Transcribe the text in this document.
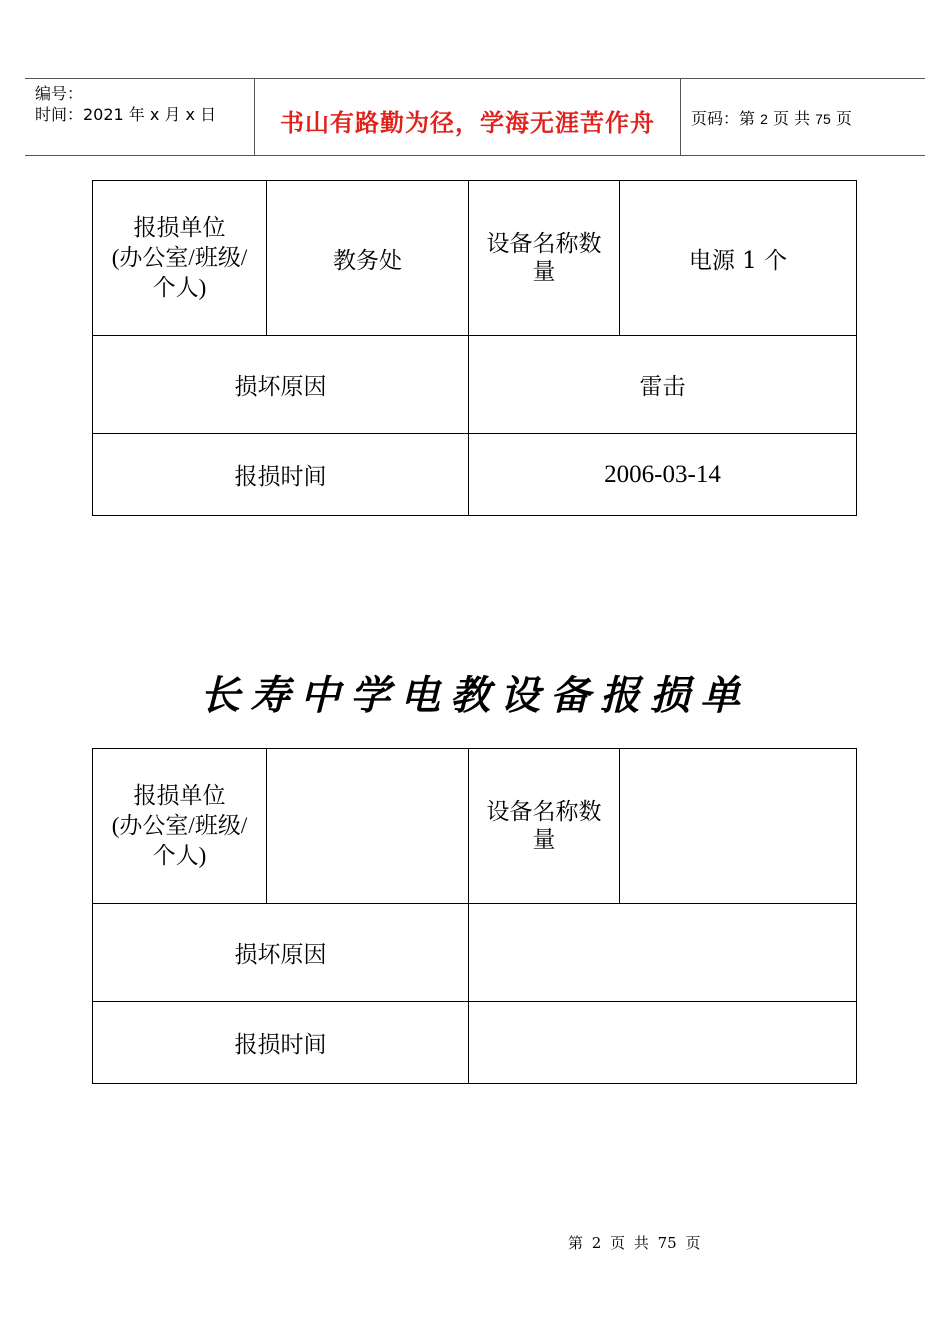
编号：
时间：2021 年 x 月 x 日	书山有路勤为径，学海无涯苦作舟	页码：第 2 页 共 75 页
报损单位
(办公室/班级/
个人)	教务处	设备名称数
量	电源 1 个
损坏原因		雷击	
报损时间		2006-03-14	
长寿中学电教设备报损单
报损单位
(办公室/班级/
个人)		设备名称数
量	
损坏原因			
报损时间			
第 2 页 共 75 页
